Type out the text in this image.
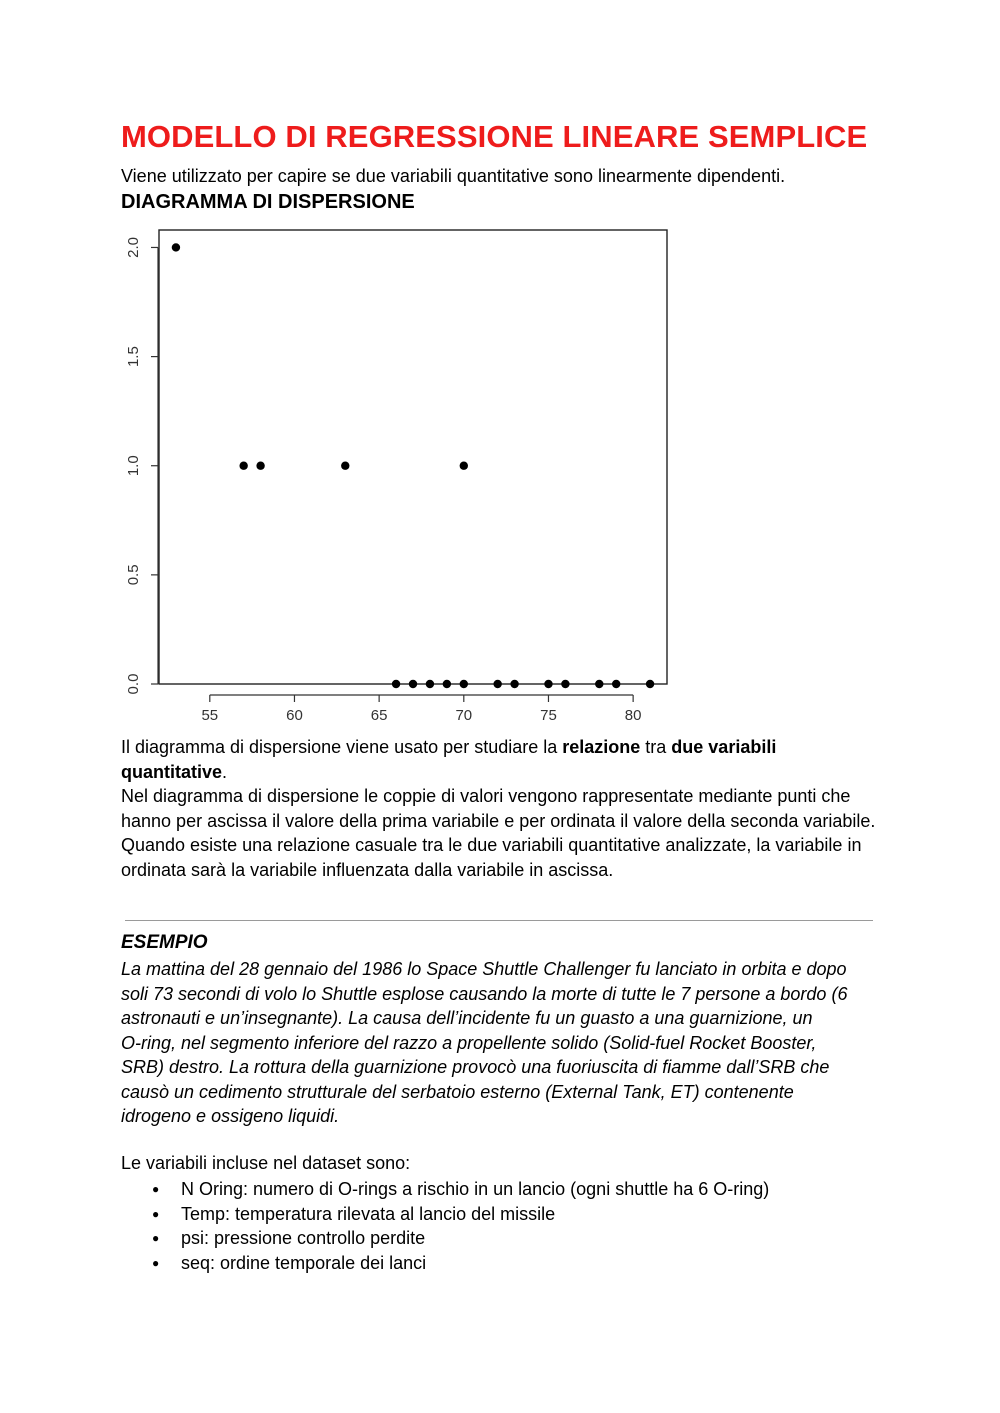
MODELLO DI REGRESSIONE LINEARE SEMPLICE

Viene utilizzato per capire se due variabili quantitative sono linearmente dipendenti.

DIAGRAMMA DI DISPERSIONE
55	60	65	70	75	80
0.0
0.5
1.0
1.5
2.0

Il diagramma di dispersione viene usato per studiare la relazione tra due variabili quantitative.

Nel diagramma di dispersione le coppie di valori vengono rappresentate mediante punti che hanno per ascissa il valore della prima variabile e per ordinata il valore della seconda variabile.

Quando esiste una relazione casuale tra le due variabili quantitative analizzate, la variabile in ordinata sarà la variabile influenzata dalla variabile in ascissa.

ESEMPIO

La mattina del 28 gennaio del 1986 lo Space Shuttle Challenger fu lanciato in orbita e dopo
soli 73 secondi di volo lo Shuttle esplose causando la morte di tutte le 7 persone a bordo (6
astronauti e un’insegnante). La causa dell’incidente fu un guasto a una guarnizione, un
O-ring, nel segmento inferiore del razzo a propellente solido (Solid-fuel Rocket Booster,
SRB) destro. La rottura della guarnizione provocò una fuoriuscita di fiamme dall’SRB che
causò un cedimento strutturale del serbatoio esterno (External Tank, ET) contenente
idrogeno e ossigeno liquidi.

Le variabili incluse nel dataset sono:

● N Oring: numero di O-rings a rischio in un lancio (ogni shuttle ha 6 O-ring)
● Temp: temperatura rilevata al lancio del missile
● psi: pressione controllo perdite
● seq: ordine temporale dei lanci
